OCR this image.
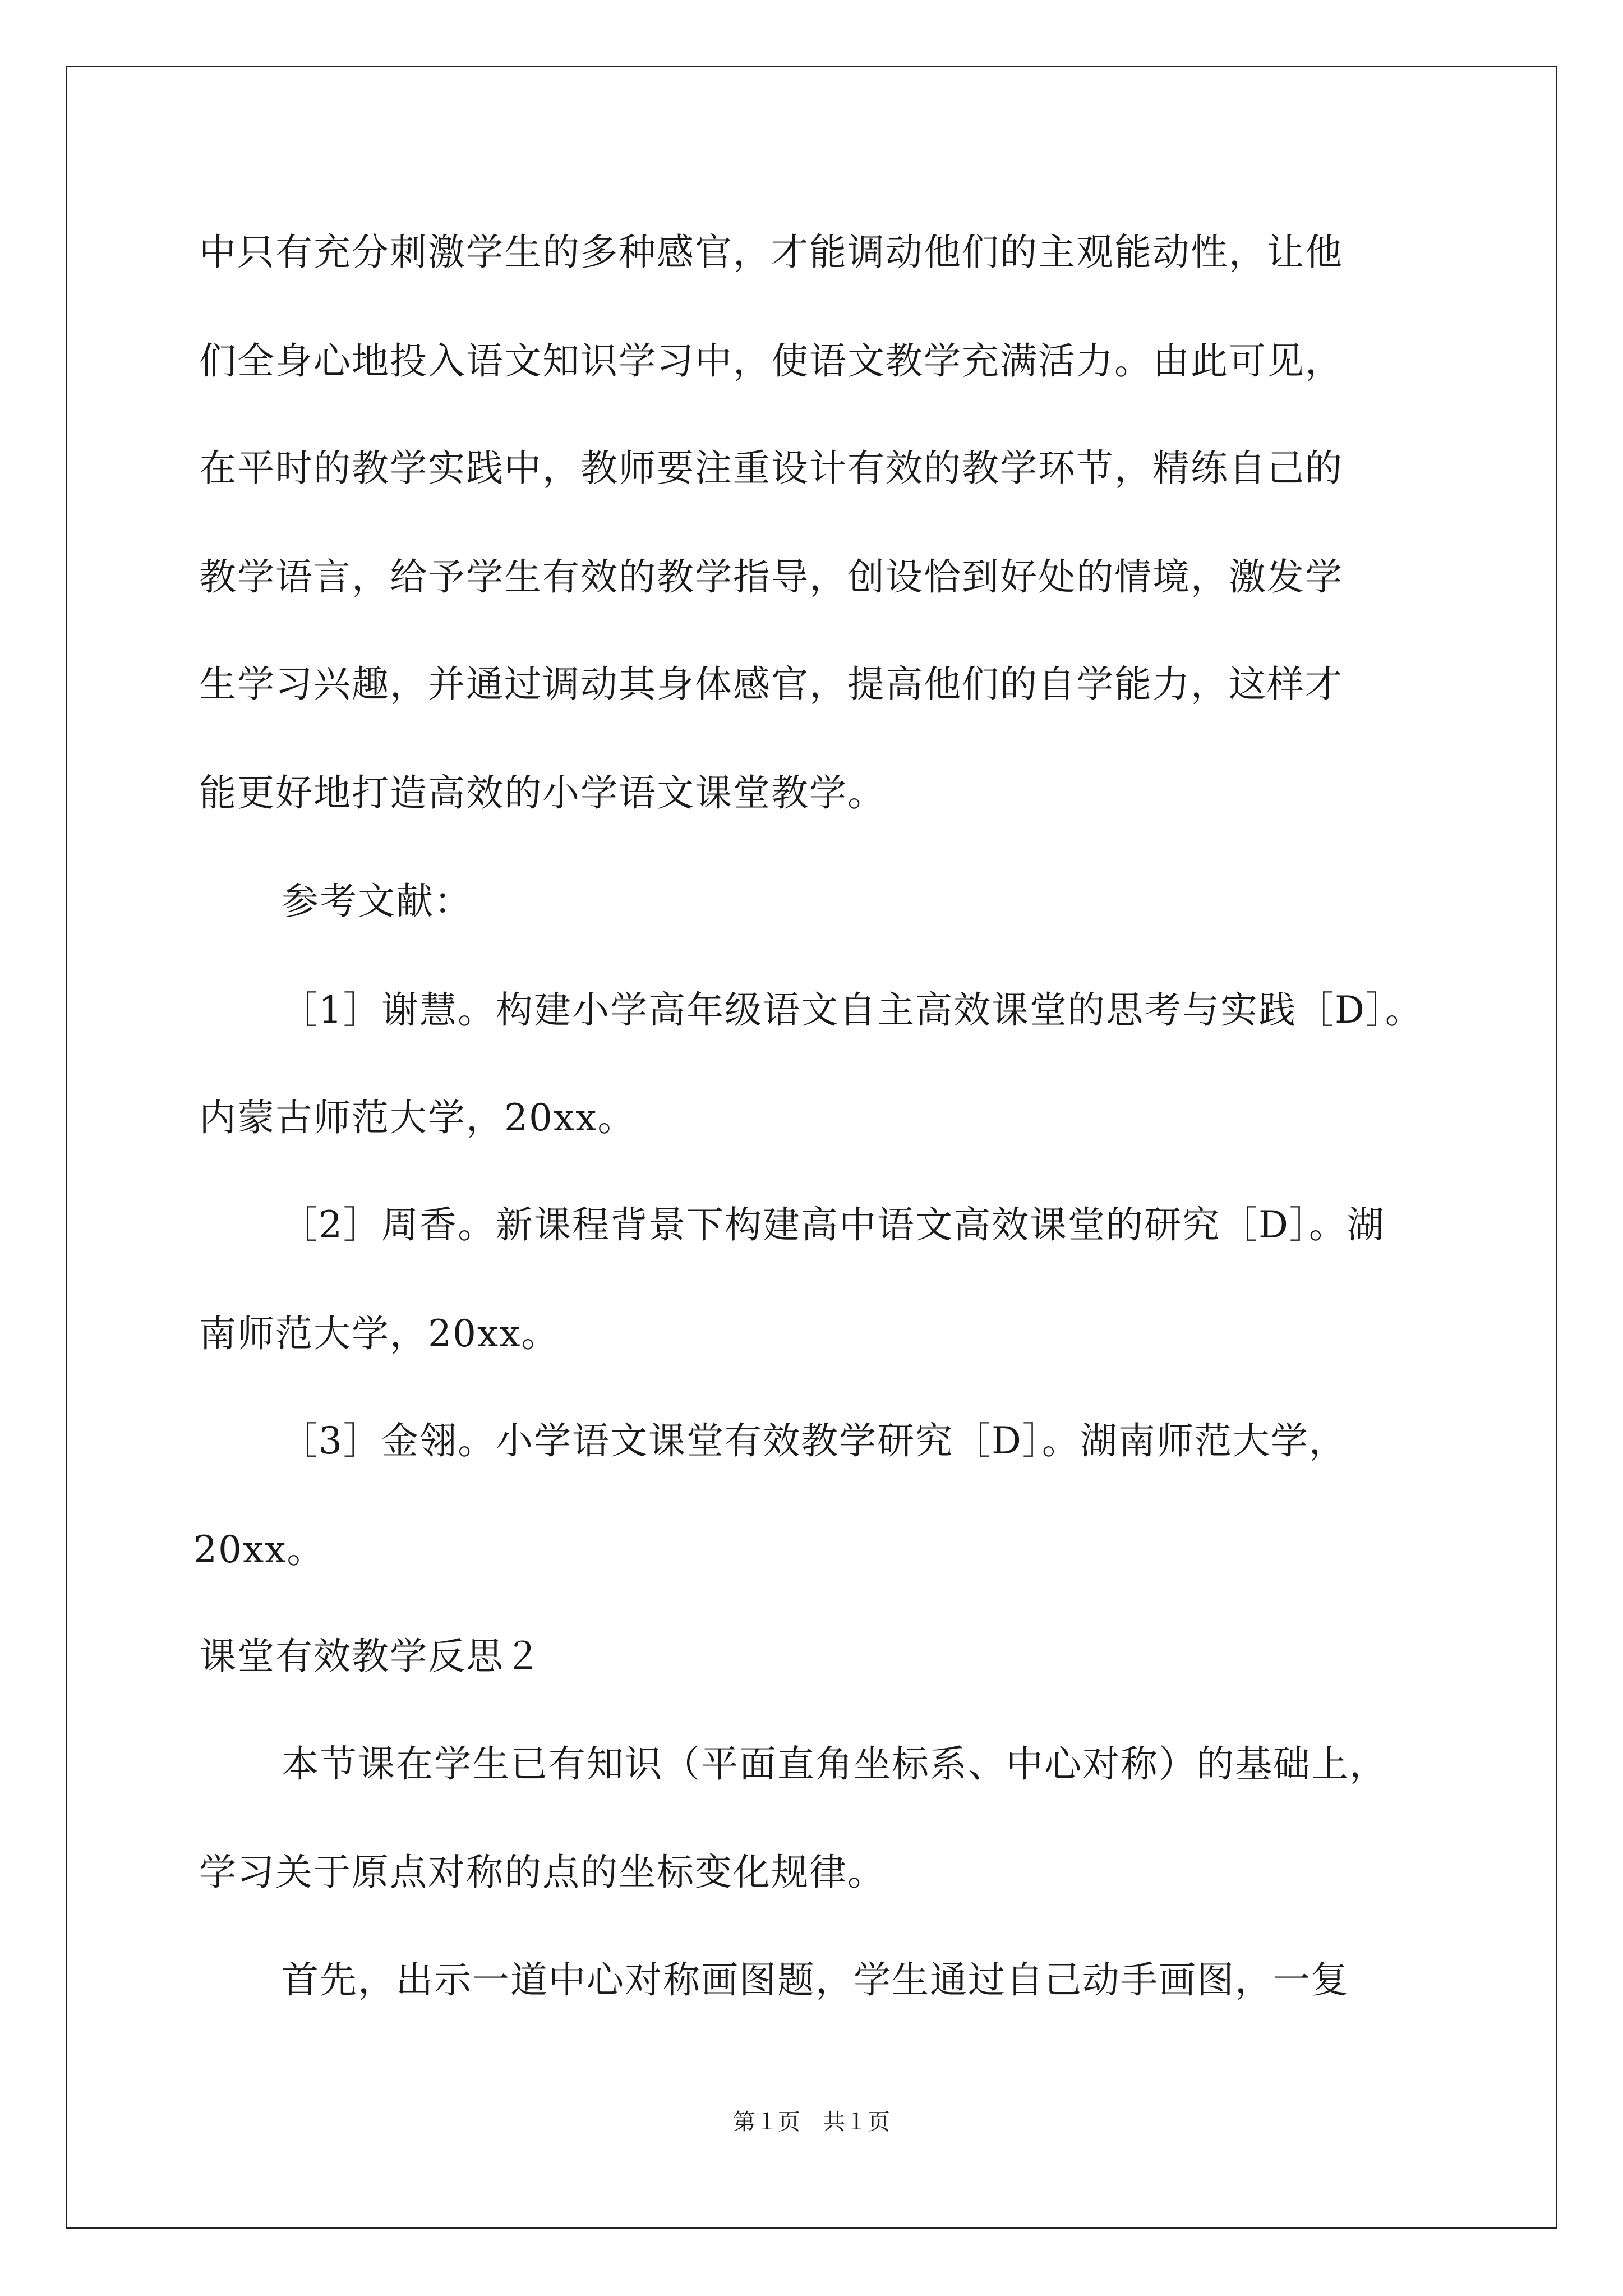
中只有充分刺激学生的多种感官，才能调动他们的主观能动性，让他
们全身心地投入语文知识学习中，使语文教学充满活力。由此可见，
在平时的教学实践中，教师要注重设计有效的教学环节，精练自己的
教学语言，给予学生有效的教学指导，创设恰到好处的情境，激发学
生学习兴趣，并通过调动其身体感官，提高他们的自学能力，这样才
能更好地打造高效的小学语文课堂教学。
参考文献：
［1］谢慧。构建小学高年级语文自主高效课堂的思考与实践［D］。
内蒙古师范大学，20xx。
［2］周香。新课程背景下构建高中语文高效课堂的研究［D］。湖
南师范大学，20xx。
［3］金翎。小学语文课堂有效教学研究［D］。湖南师范大学，
20xx。
课堂有效教学反思２
本节课在学生已有知识（平面直角坐标系、中心对称）的基础上，
学习关于原点对称的点的坐标变化规律。
首先，出示一道中心对称画图题，学生通过自己动手画图，一复
第１页　共１页
